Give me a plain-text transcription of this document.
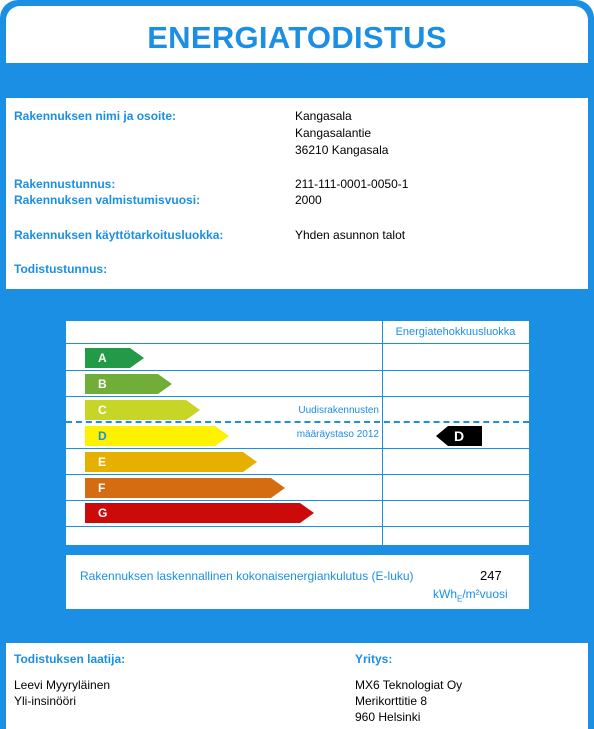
ENERGIATODISTUS
Rakennuksen nimi ja osoite:	Kangasala
Kangasalantie
36210 Kangasala
Rakennustunnus:	211-111-0001-0050-1
Rakennuksen valmistumisvuosi:	2000
Rakennuksen käyttötarkoitusluokka:	Yhden asunnon talot
Todistustunnus:
Energiatehokkuusluokka
A
B
C
D
E
F
G
Uudisrakennusten
määräystaso 2012	D
Rakennuksen laskennallinen kokonaisenergiankulutus (E-luku)	247
kWh$_E$/m²vuosi
Todistuksen laatija:
Leevi Myyryläinen
Yli-insinööri
Yritys:
MX6 Teknologiat Oy
Merikorttitie 8
960 Helsinki
